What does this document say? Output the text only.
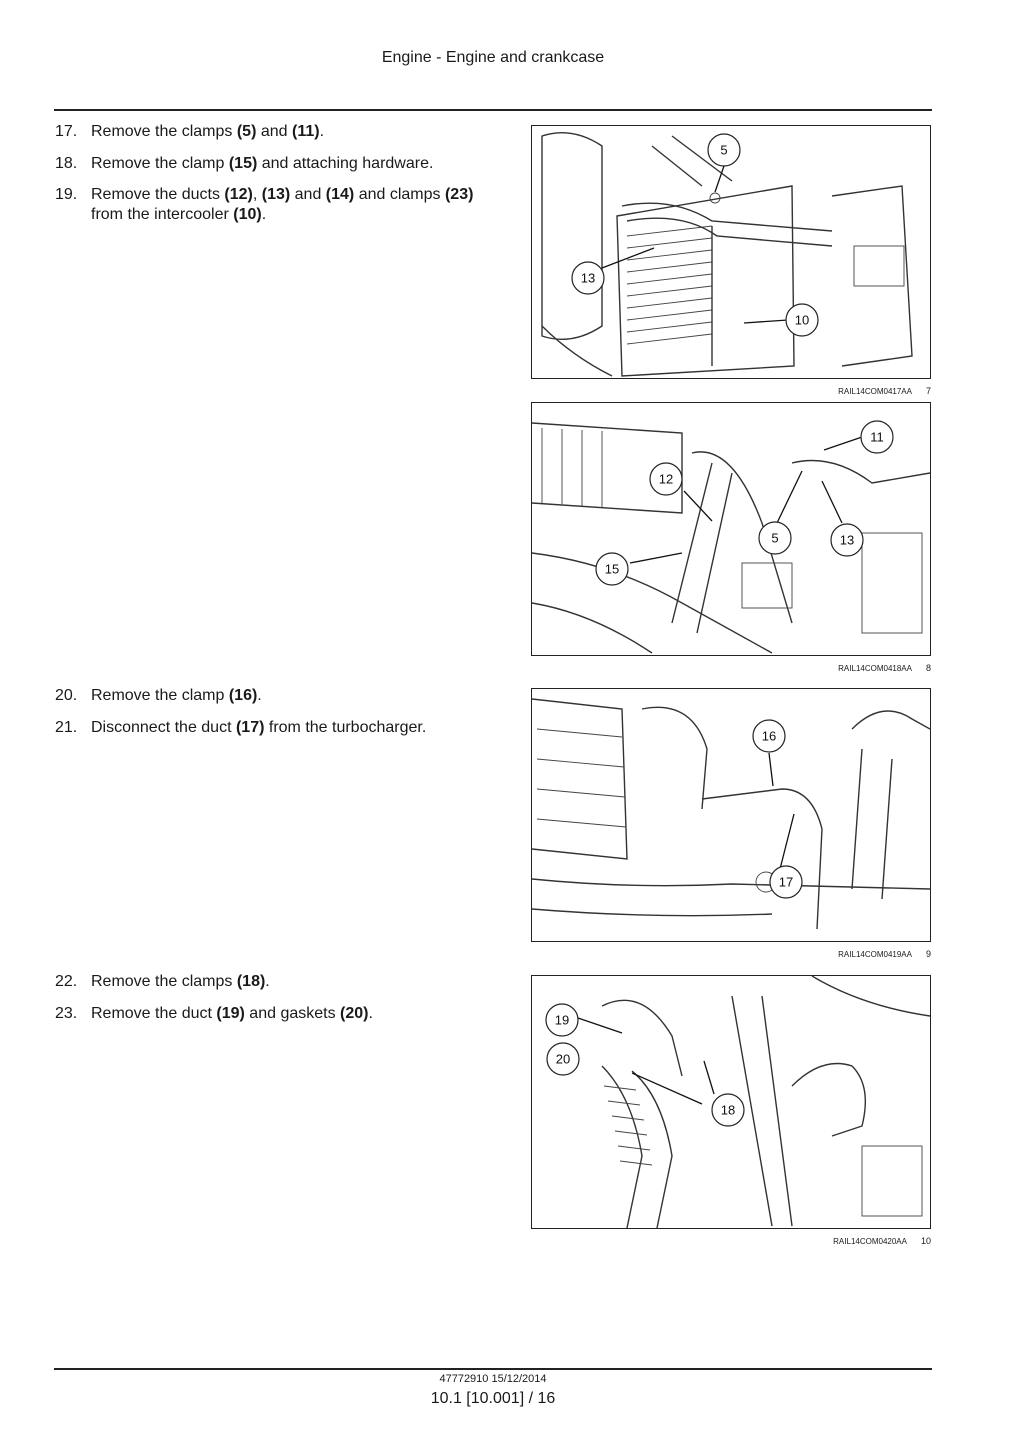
Engine - Engine and crankcase
17. Remove the clamps (5) and (11).
18. Remove the clamp (15) and attaching hardware.
19. Remove the ducts (12), (13) and (14) and clamps (23) from the intercooler (10).
20. Remove the clamp (16).
21. Disconnect the duct (17) from the turbocharger.
22. Remove the clamps (18).
23. Remove the duct (19) and gaskets (20).
5
13
10
RAIL14COM0417AA 7
11
12
5	13
15
RAIL14COM0418AA 8
16
17
RAIL14COM0419AA 9
19
20
18
RAIL14COM0420AA 10
47772910 15/12/2014
10.1 [10.001] / 16
